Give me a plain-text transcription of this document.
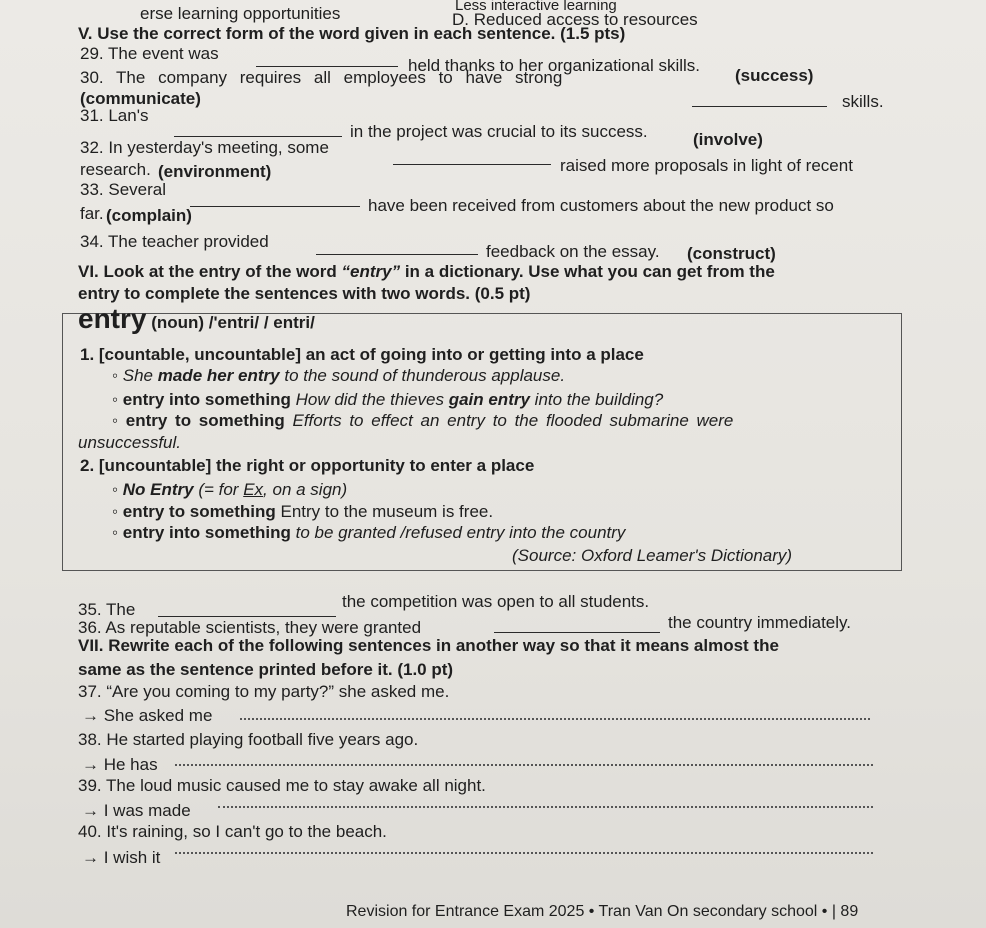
Less interactive learning
erse learning opportunities	D. Reduced access to resources
V. Use the correct form of the word given in each sentence. (1.5 pts)
29. The event was
held thanks to her organizational skills.
(success)
30. The company requires all employees to have strong
(communicate)	skills.
31. Lan's
in the project was crucial to its success.	(involve)
32. In yesterday's meeting, some
raised more proposals in light of recent
research. (environment)
33. Several
have been received from customers about the new product so
far. (complain)
34. The teacher provided
feedback on the essay. (construct)
VI. Look at the entry of the word “entry” in a dictionary. Use what you can get from the
entry to complete the sentences with two words. (0.5 pt)
entry (noun) /'entri/ / entri/
1. [countable, uncountable] an act of going into or getting into a place
◦ She made her entry to the sound of thunderous applause.
◦ entry into something How did the thieves gain entry into the building?
◦ entry to something Efforts to effect an entry to the flooded submarine were
unsuccessful.
2. [uncountable] the right or opportunity to enter a place
◦ No Entry (= for Ex, on a sign)
◦ entry to something Entry to the museum is free.
◦ entry into something to be granted /refused entry into the country
(Source: Oxford Leamer's Dictionary)
35. The	the competition was open to all students.
36. As reputable scientists, they were granted	the country immediately.
VII. Rewrite each of the following sentences in another way so that it means almost the
same as the sentence printed before it. (1.0 pt)
37. “Are you coming to my party?” she asked me.
→ She asked me
38. He started playing football five years ago.
→ He has
39. The loud music caused me to stay awake all night.
→ I was made
40. It's raining, so I can't go to the beach.
→ I wish it
Revision for Entrance Exam 2025 • Tran Van On secondary school • | 89
